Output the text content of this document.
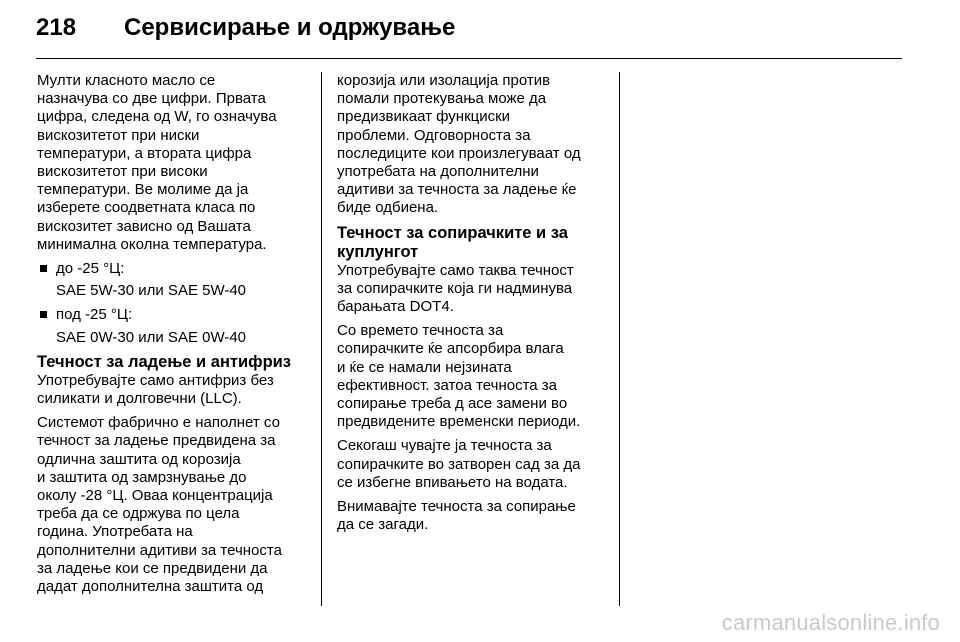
218 Сервисирање и одржување

Мулти класното масло се
назначува со две цифри. Првата
цифра, следена од W, го означува
вискозитетот при ниски
температури, а втората цифра
вискозитетот при високи
температури. Ве молиме да ја
изберете соодветната класа по
вискозитет зависно од Вашата
минимална околна температура.

до -25 °Ц:
SAE 5W-30 или SAE 5W-40
под -25 °Ц:
SAE 0W-30 или SAE 0W-40
Течност за ладење и антифриз

Употребувајте само антифриз без
силикати и долговечни (LLC).

Системот фабрично е наполнет со
течност за ладење предвидена за
одлична заштита од корозија
и заштита од замрзнување до
околу -28 °Ц. Оваа концентрација
треба да се одржува по цела
година. Употребата на
дополнителни адитиви за течноста
за ладење кои се предвидени да
дадат дополнителна заштита од

корозија или изолација против
помали протекувања може да
предизвикаат функциски
проблеми. Одговорноста за
последиците кои произлегуваат од
употребата на дополнителни
адитиви за течноста за ладење ќе
биде одбиена.

Течност за сопирачките и за
куплунгот

Употребувајте само таква течност
за сопирачките која ги надминува
барањата DOT4.

Со времето течноста за
сопирачките ќе апсорбира влага
и ќе се намали нејзината
ефективност. затоа течноста за
сопирање треба д асе замени во
предвидените временски периоди.

Секогаш чувајте ја течноста за
сопирачките во затворен сад за да
се избегне впивањето на водата.

Внимавајте течноста за сопирање
да се загади.

carmanualsonline.info
